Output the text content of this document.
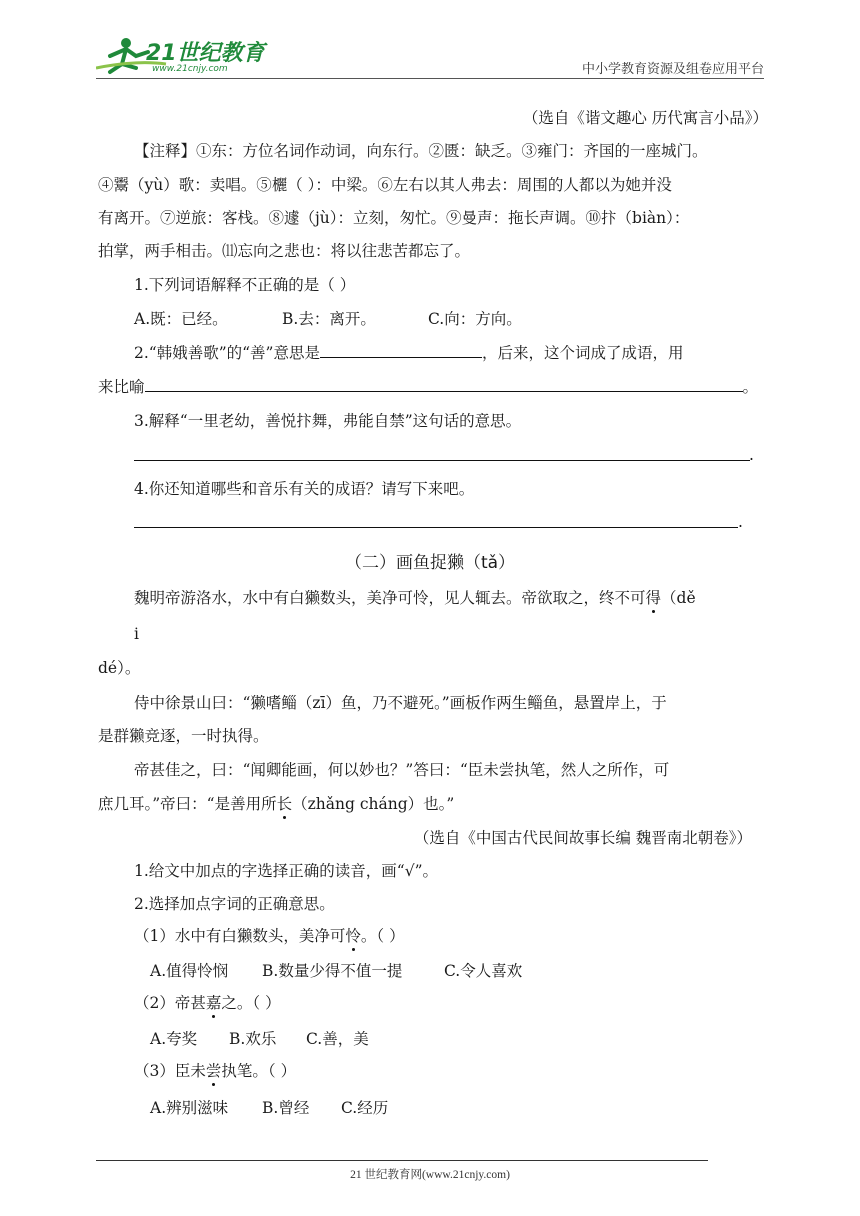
21世纪教育
www.21cnjy.com	中小学教育资源及组卷应用平台
（选自《谐文趣心 历代寓言小品》）
【注释】①东：方位名词作动词，向东行。②匮：缺乏。③雍门：齐国的一座城门。
④鬻（yù）歌：卖唱。⑤欐（ ）：中梁。⑥左右以其人弗去：周围的人都以为她并没
有离开。⑦逆旅：客栈。⑧遽（jù）：立刻，匆忙。⑨曼声：拖长声调。⑩抃（biàn）：
拍掌，两手相击。⑾忘向之悲也：将以往悲苦都忘了。
1.下列词语解释不正确的是（ ）
A.既：已经。	B.去：离开。	C.向：方向。
2.“韩娥善歌”的“善”意思是	，后来，这个词成了成语，用
来比喻	。
3.解释“一里老幼，善悦抃舞，弗能自禁”这句话的意思。
.
4.你还知道哪些和音乐有关的成语？请写下来吧。
.
（二）画鱼捉獭（tǎ）
魏明帝游洛水，水中有白獭数头，美净可怜，见人辄去。帝欲取之，终不可得（dě
i
dé）。
侍中徐景山曰：“獭嗜鲻（zī）鱼，乃不避死。”画板作两生鲻鱼，悬置岸上，于
是群獭竞逐，一时执得。
帝甚佳之，曰：“闻卿能画，何以妙也？”答曰：“臣未尝执笔，然人之所作，可
庶几耳。”帝曰：“是善用所长（zhǎng cháng）也。”
（选自《中国古代民间故事长编 魏晋南北朝卷》）
1.给文中加点的字选择正确的读音，画“√”。
2.选择加点字词的正确意思。
（1）水中有白獭数头，美净可怜。（ ）
A.值得怜悯 B.数量少得不值一提	C.令人喜欢
（2）帝甚嘉之。（ ）
A.夸奖 B.欢乐 C.善，美
（3）臣未尝执笔。（ ）
A.辨别滋味 B.曾经 C.经历
21 世纪教育网(www.21cnjy.com)
